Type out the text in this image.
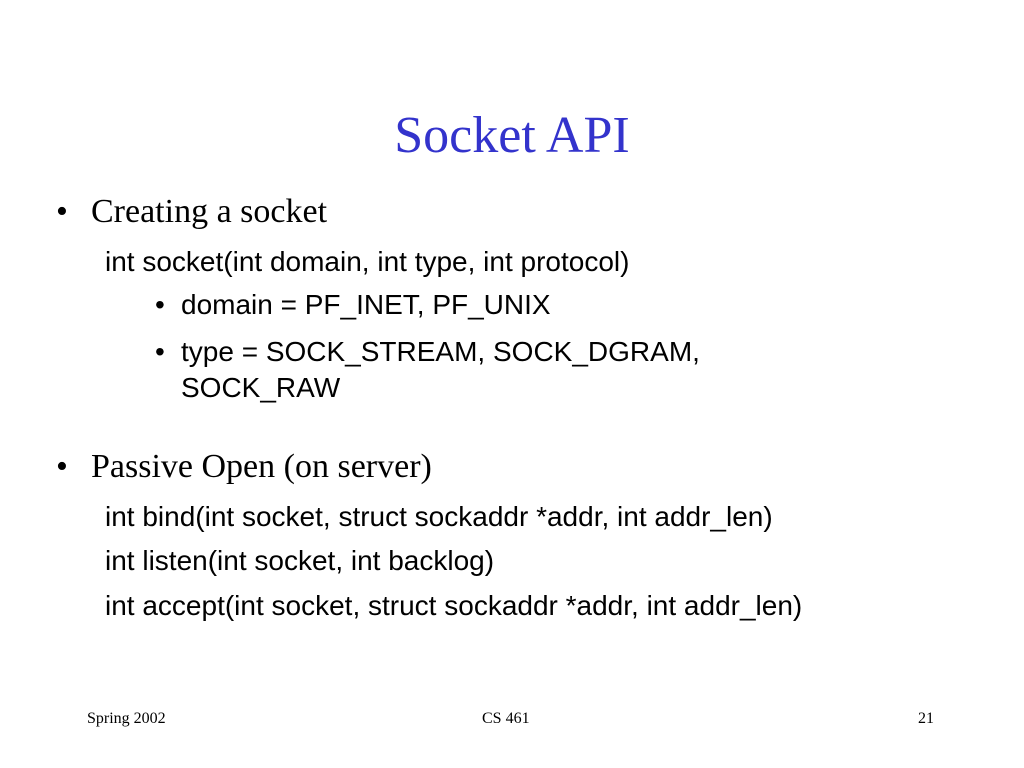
Socket API
• Creating a socket
int socket(int domain, int type, int protocol)
• domain = PF_INET, PF_UNIX
• type = SOCK_STREAM, SOCK_DGRAM,
SOCK_RAW
• Passive Open (on server)
int bind(int socket, struct sockaddr *addr, int addr_len)
int listen(int socket, int backlog)
int accept(int socket, struct sockaddr *addr, int addr_len)
Spring 2002	CS 461	21
